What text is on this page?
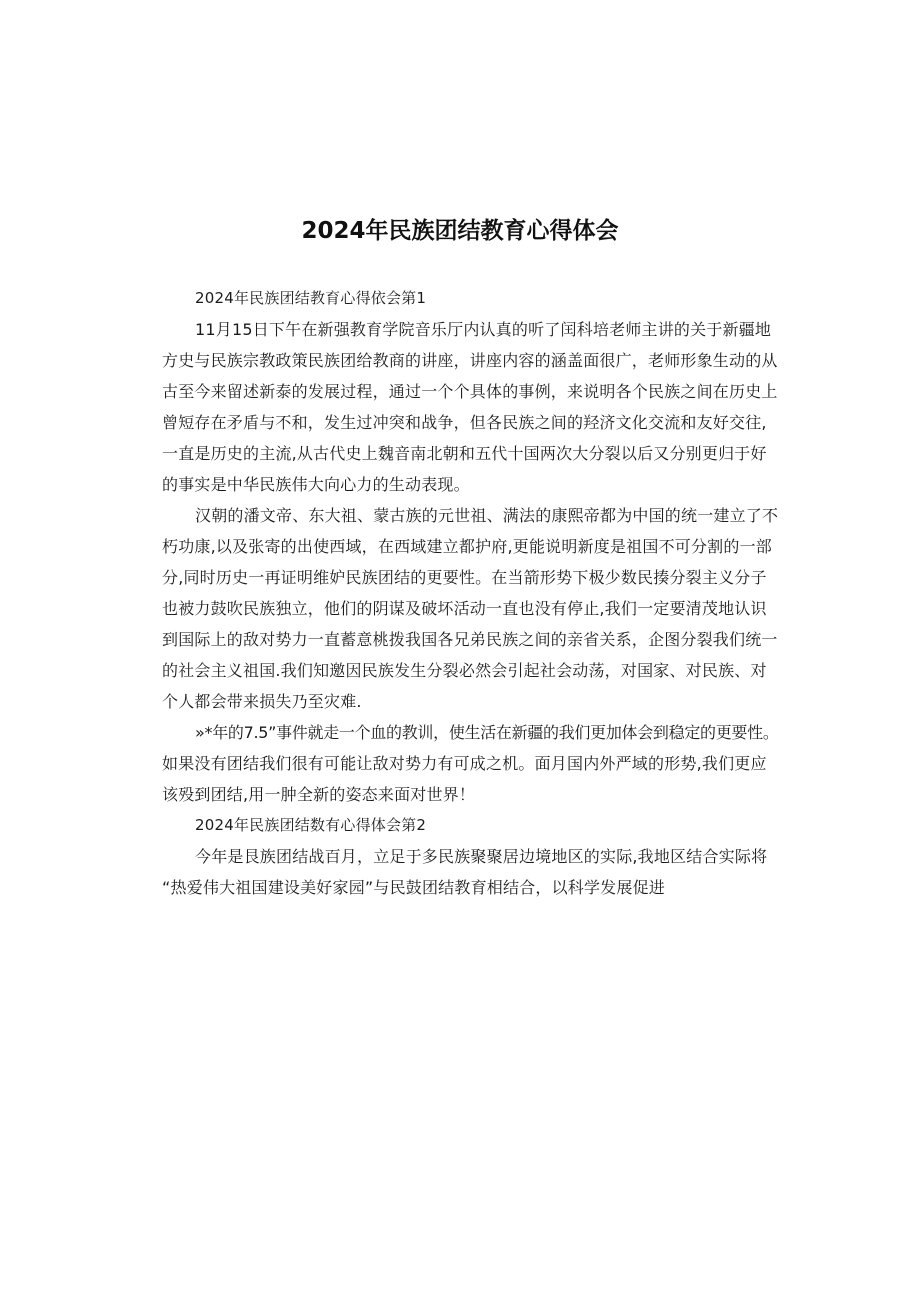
2024年民族团结教育心得体会
2024年民族团结教育心得依会第1
11月15日下午在新强教育学院音乐厅内认真的听了闰科培老师主讲的关于新疆地
方史与民族宗教政策民族团给教商的讲座，讲座内容的涵盖面很广，老师形象生动的从
古至今来留述新泰的发展过程，通过一个个具体的事例，来说明各个民族之间在历史上
曾短存在矛盾与不和，发生过冲突和战争，但各民族之间的羟济文化交流和友好交往,
一直是历史的主流,从古代史上魏音南北朝和五代十国两次大分裂以后又分别更归于好
的事实是中华民族伟大向心力的生动表现。
汉朝的潘文帝、东大祖、蒙古族的元世祖、满法的康熙帝都为中国的统一建立了不
朽功康,以及张寄的出使西域，在西域建立都护府,更能说明新度是祖国不可分割的一部
分,同时历史一再证明维妒民族团结的更要性。在当箭形势下极少数民揍分裂主义分子
也被力鼓吹民族独立，他们的阴谋及破坏活动一直也没有停止,我们一定要清茂地认识
到国际上的敌对势力一直蓄意桃拨我国各兄弟民族之间的亲省关系，企图分裂我们统一
的社会主义祖国.我们知邀因民族发生分裂必然会引起社会动荡，对国家、对民族、对
个人都会带来损失乃至灾难.
»*年的7.5”事件就走一个血的教训，使生活在新疆的我们更加体会到稳定的更要性。
如果没有团结我们很有可能让敌对势力有可成之机。面月国内外严域的形势,我们更应
该殁到团结,用一肿全新的姿态来面对世界！
2024年民族团结数有心得体会第2
今年是艮族团结战百月，立足于多民族聚聚居边境地区的实际,我地区结合实际将
“热爱伟大祖国建设美好家园”与民鼓团结教育相结合，以科学发展促进
